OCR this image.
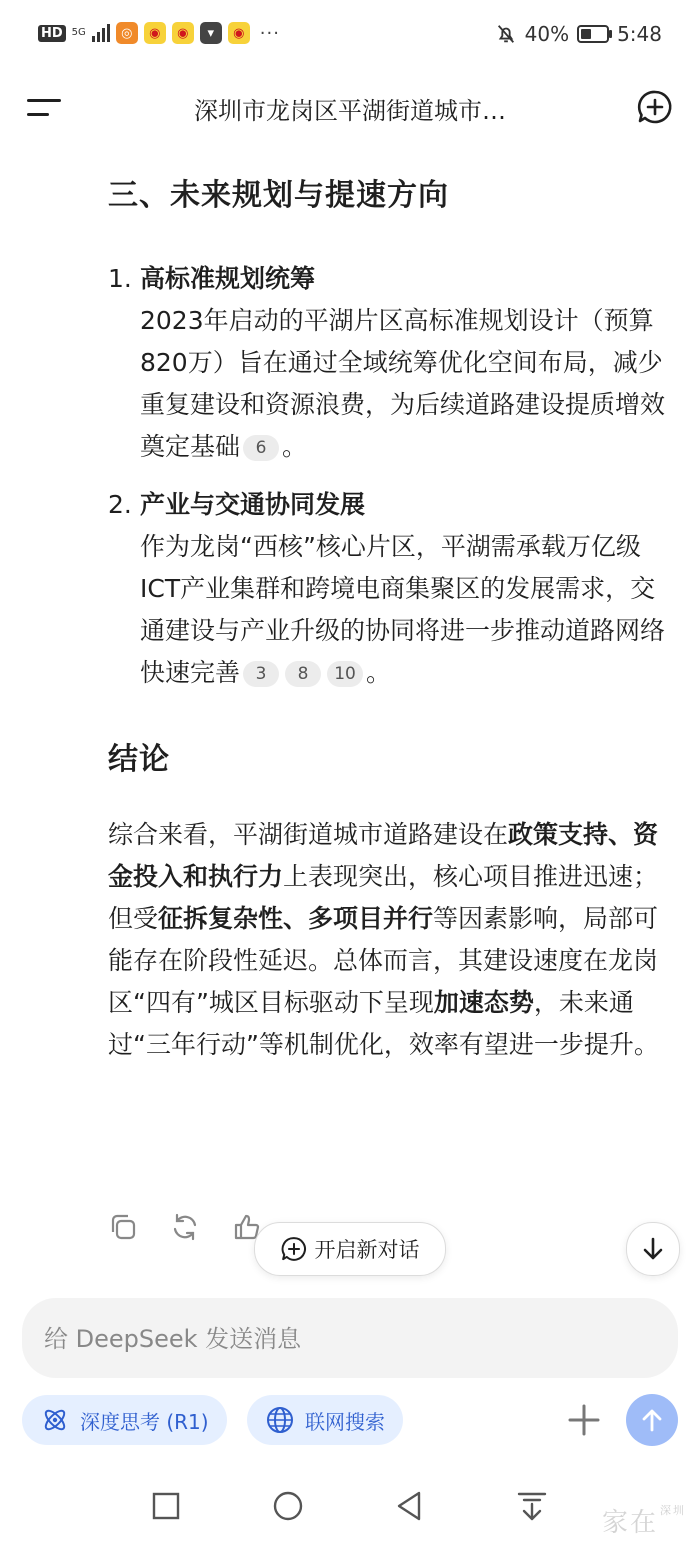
HD 5G	◎	◉	◉	▾	◉ ···	40% 5:48
深圳市龙岗区平湖街道城市…
三、未来规划与提速方向
1. 高标准规划统筹
2023年启动的平湖片区高标准规划设计（预算820万）旨在通过全域统筹优化空间布局，减少重复建设和资源浪费，为后续道路建设提质增效奠定基础 6 。
2. 产业与交通协同发展
作为龙岗“西核”核心片区，平湖需承载万亿级ICT产业集群和跨境电商集聚区的发展需求，交通建设与产业升级的协同将进一步推动道路网络快速完善 3 8 10 。
结论

综合来看，平湖街道城市道路建设在政策支持、资金投入和执行力上表现突出，核心项目推进迅速；但受征拆复杂性、多项目并行等因素影响，局部可能存在阶段性延迟。总体而言，其建设速度在龙岗区“四有”城区目标驱动下呈现加速态势，未来通过“三年行动”等机制优化，效率有望进一步提升。

开启新对话
给 DeepSeek 发送消息
深度思考 (R1)	联网搜索
家在 深圳
